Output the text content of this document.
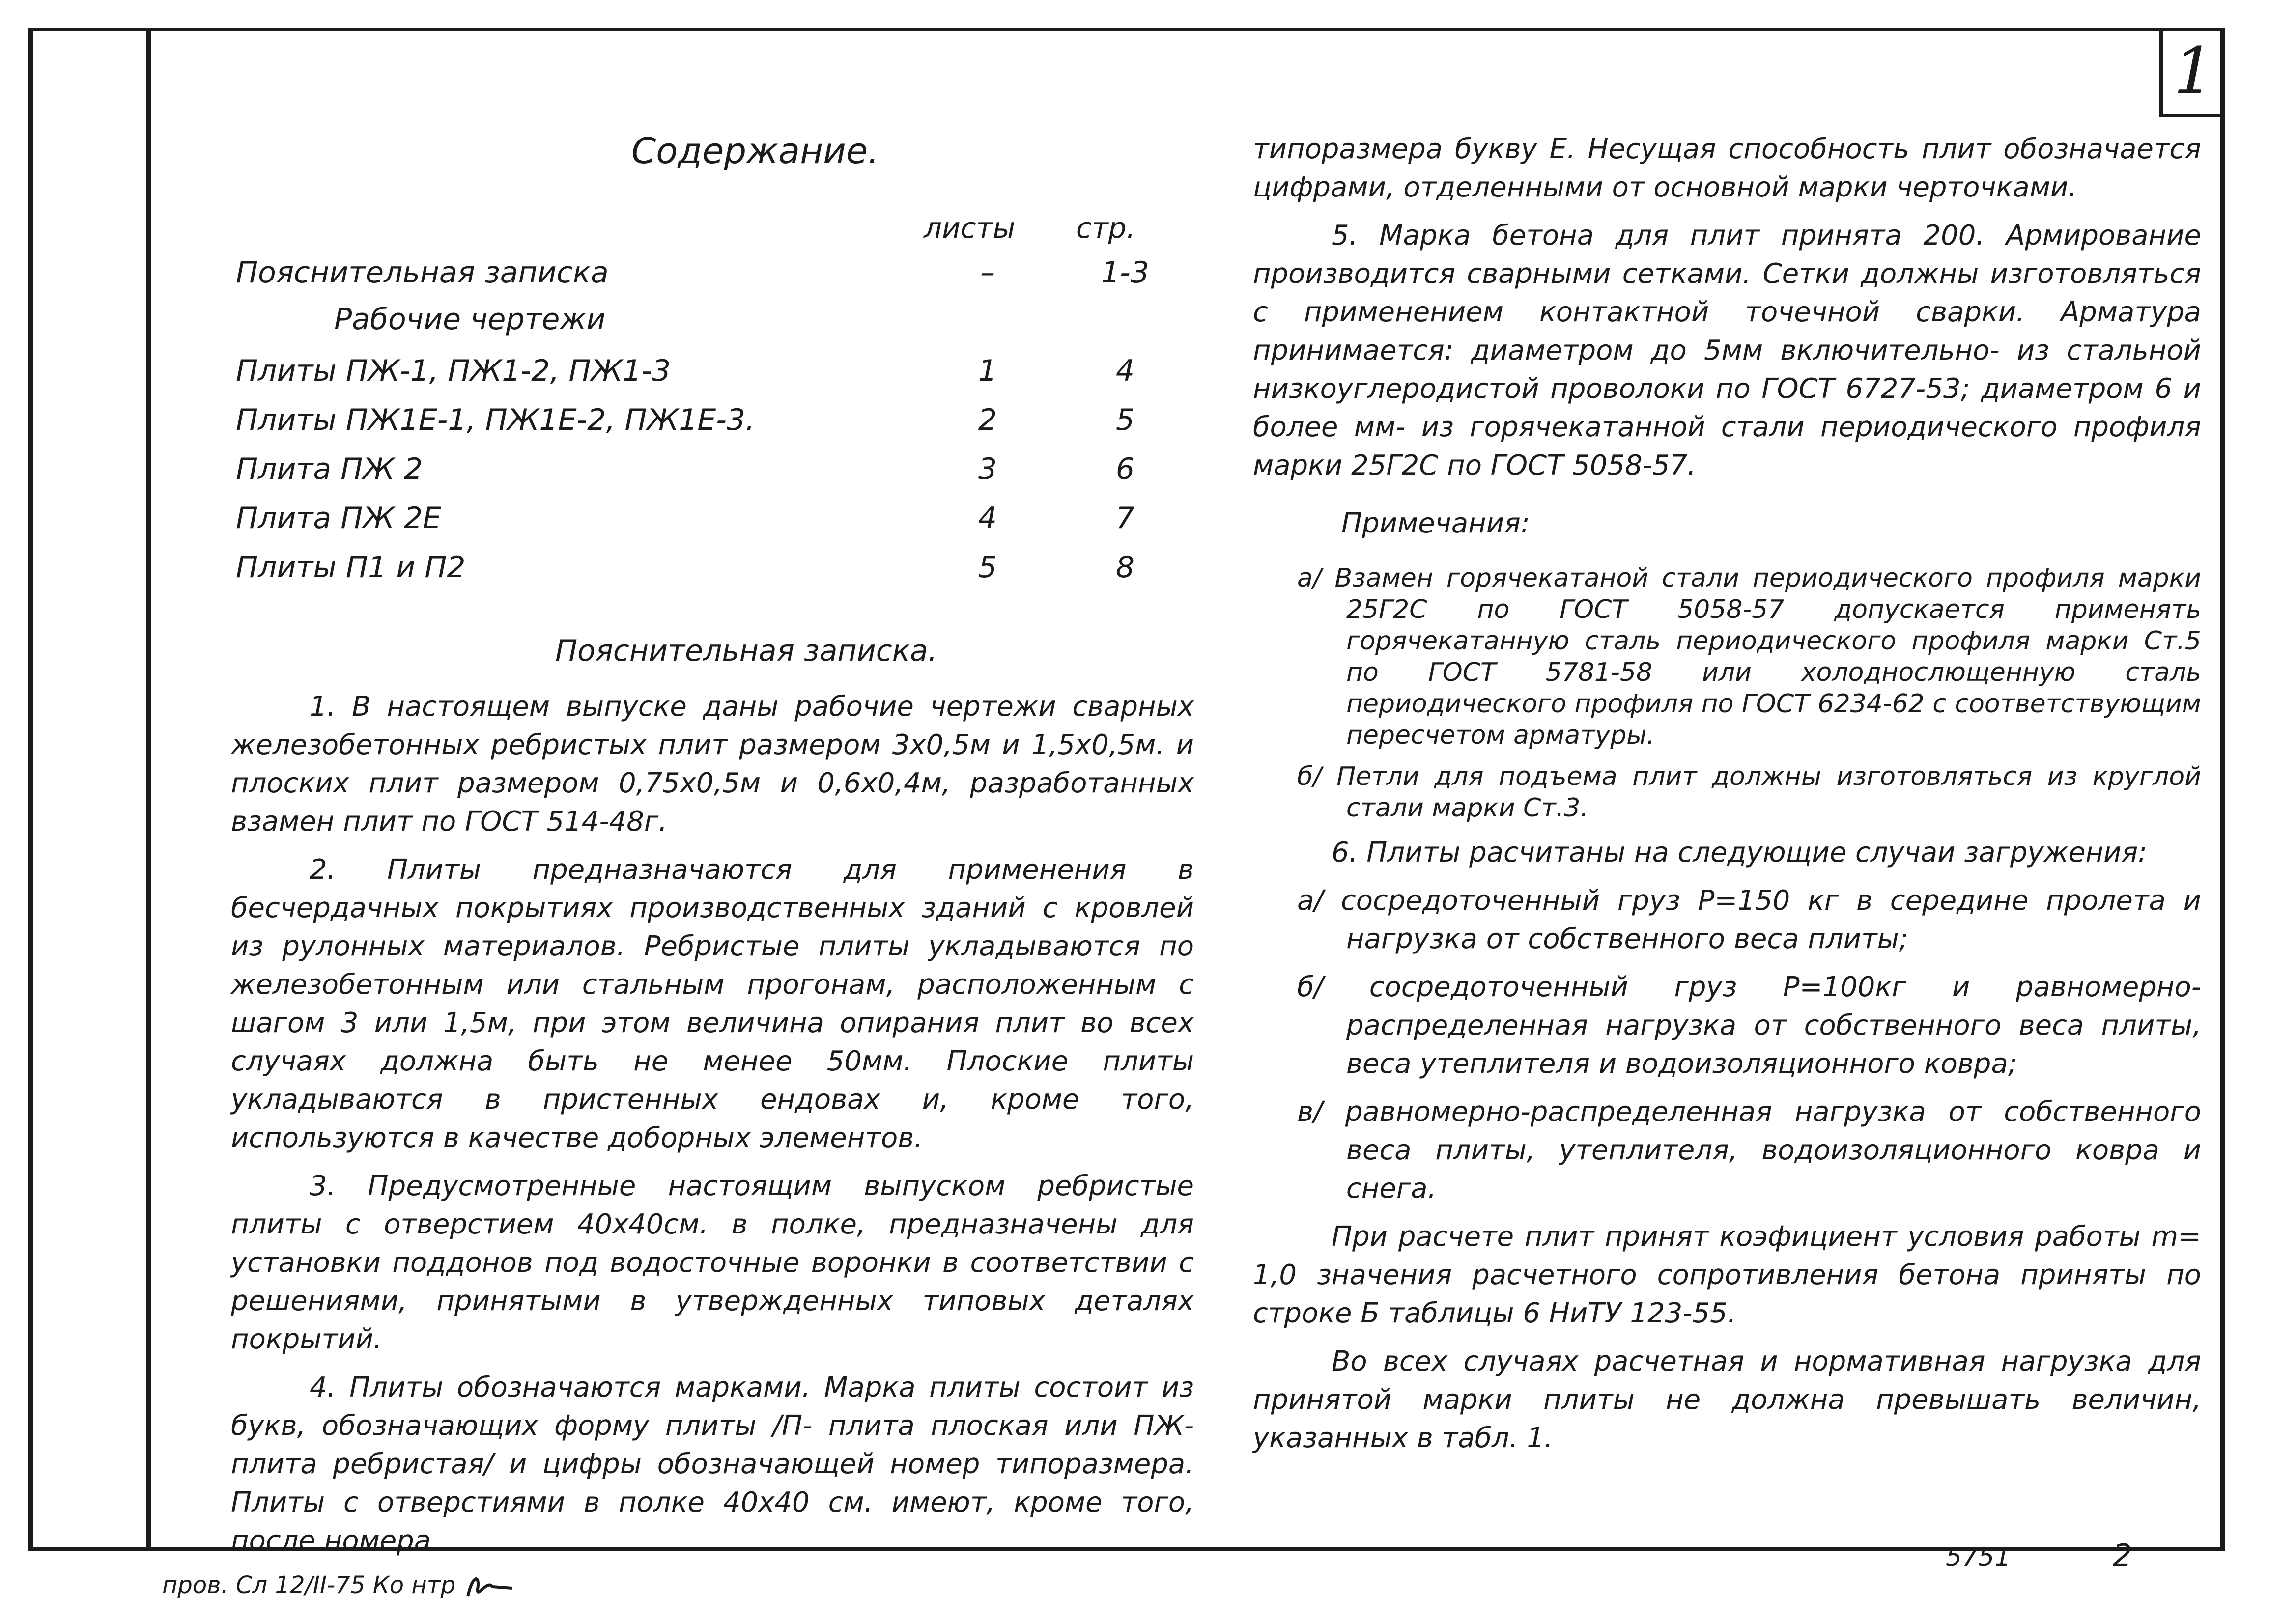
1
Содержание.
листы стр.
Пояснительная записка	–	1-3
Рабочие чертежи
Плиты ПЖ-1, ПЖ1-2, ПЖ1-3	1	4
Плиты ПЖ1Е-1, ПЖ1Е-2, ПЖ1Е-3.	2	5
Плита ПЖ 2	3	6
Плита ПЖ 2Е	4	7
Плиты П1 и П2	5	8
Пояснительная записка.

1. В настоящем выпуске даны рабочие чертежи сварных железобетонных ребристых плит размером 3х0,5м и 1,5х0,5м. и плоских плит размером 0,75х0,5м и 0,6х0,4м, разработанных взамен плит по ГОСТ 514-48г.

2. Плиты предназначаются для применения в бесчердачных покрытиях производственных зданий с кровлей из рулонных материалов. Ребристые плиты укладываются по железобетонным или стальным прогонам, расположенным с шагом 3 или 1,5м, при этом величина опирания плит во всех случаях должна быть не менее 50мм. Плоские плиты укладываются в пристенных ендовах и, кроме того, используются в качестве доборных элементов.

3. Предусмотренные настоящим выпуском ребристые плиты с отверстием 40х40см. в полке, предназначены для установки поддонов под водосточные воронки в соответствии с решениями, принятыми в утвержденных типовых деталях покрытий.

4. Плиты обозначаются марками. Марка плиты состоит из букв, обозначающих форму плиты /П- плита плоская или ПЖ- плита ребристая/ и цифры обозначающей номер типоразмера. Плиты с отверстиями в полке 40х40 см. имеют, кроме того, после номера

типоразмера букву Е. Несущая способность плит обозначается цифрами, отделенными от основной марки черточками.

5. Марка бетона для плит принята 200. Армирование производится сварными сетками. Сетки должны изготовляться с применением контактной точечной сварки. Арматура принимается: диаметром до 5мм включительно- из стальной низкоуглеродистой проволоки по ГОСТ 6727-53; диаметром 6 и более мм- из горячекатанной стали периодического профиля марки 25Г2С по ГОСТ 5058-57.

Примечания:

а/ Взамен горячекатаной стали периодического профиля марки 25Г2С по ГОСТ 5058-57 допускается применять горячекатанную сталь периодического профиля марки Ст.5 по ГОСТ 5781-58 или холоднослющенную сталь периодического профиля по ГОСТ 6234-62 с соответствующим пересчетом арматуры.

б/ Петли для подъема плит должны изготовляться из круглой стали марки Ст.3.

6. Плиты расчитаны на следующие случаи загружения:

а/ сосредоточенный груз Р=150 кг в середине пролета и нагрузка от собственного веса плиты;

б/ сосредоточенный груз Р=100кг и равномерно-распределенная нагрузка от собственного веса плиты, веса утеплителя и водоизоляционного ковра;

в/ равномерно-распределенная нагрузка от собственного веса плиты, утеплителя, водоизоляционного ковра и снега.

При расчете плит принят коэфициент условия работы m= 1,0 значения расчетного сопротивления бетона приняты по строке Б таблицы 6 НиТУ 123-55.

Во всех случаях расчетная и нормативная нагрузка для принятой марки плиты не должна превышать величин, указанных в табл. 1.

пров. Сл 12/II-75 Ко нтр
5751	2
